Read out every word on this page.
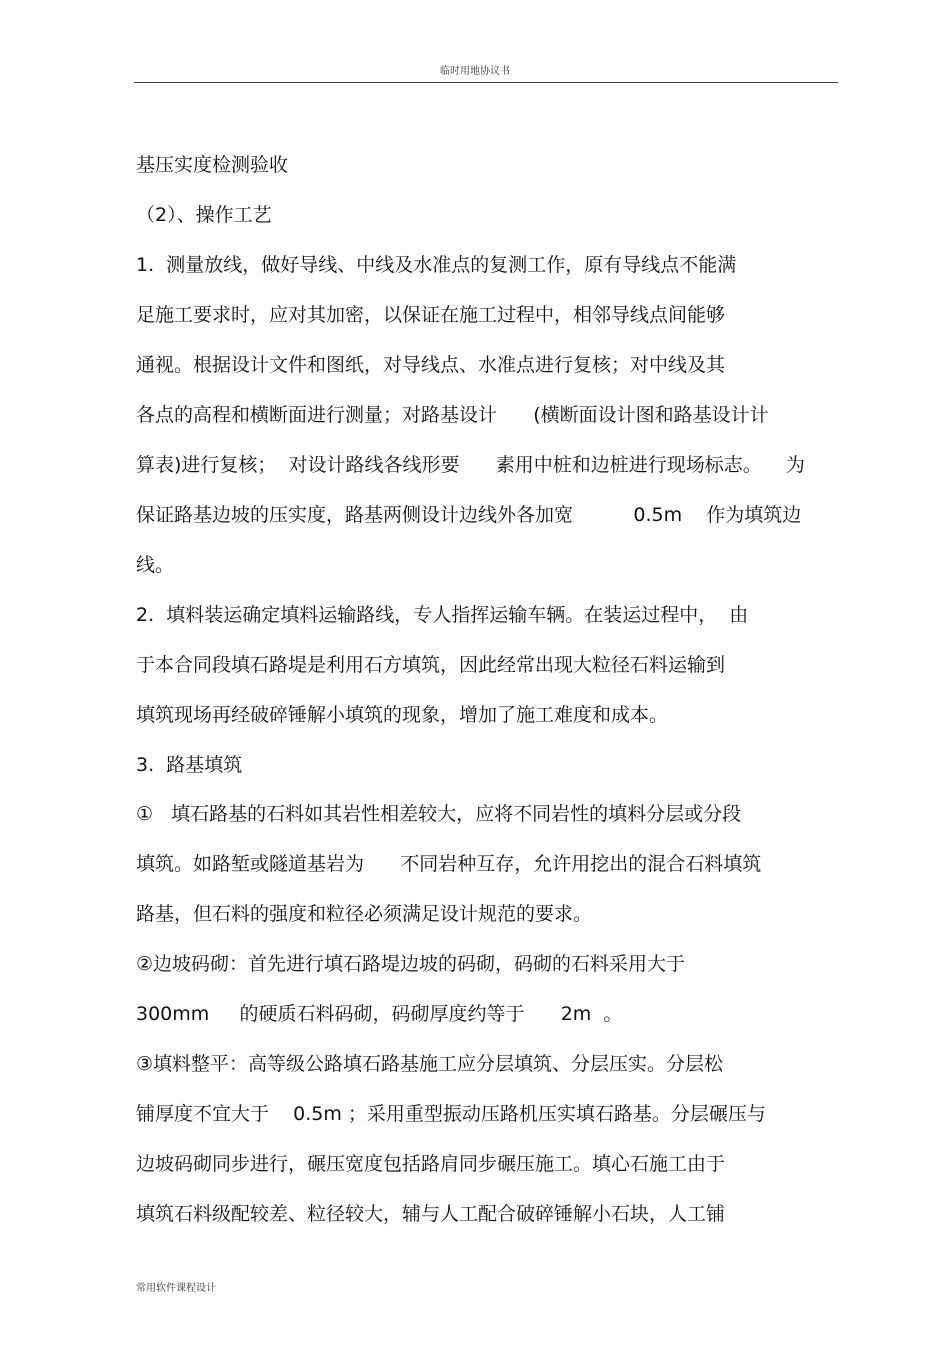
临时用地协议书
基压实度检测验收
（2）、操作工艺
1.  测量放线，做好导线、中线及水准点的复测工作，原有导线点不能满
足施工要求时，应对其加密，以保证在施工过程中，相邻导线点间能够
通视。根据设计文件和图纸，对导线点、水准点进行复核；对中线及其
各点的高程和横断面进行测量；对路基设计      (横断面设计图和路基设计计
算表)进行复核；  对设计路线各线形要      素用中桩和边桩进行现场标志。    为
保证路基边坡的压实度，路基两侧设计边线外各加宽          0.5m    作为填筑边
线。
2.  填料装运确定填料运输路线，专人指挥运输车辆。在装运过程中，  由
于本合同段填石路堤是利用石方填筑，因此经常出现大粒径石料运输到
填筑现场再经破碎锤解小填筑的现象，增加了施工难度和成本。
3.  路基填筑
①   填石路基的石料如其岩性相差较大，应将不同岩性的填料分层或分段
填筑。如路堑或隧道基岩为      不同岩种互存，允许用挖出的混合石料填筑
路基，但石料的强度和粒径必须满足设计规范的要求。
②边坡码砌：首先进行填石路堤边坡的码砌，码砌的石料采用大于
300mm     的硬质石料码砌，码砌厚度约等于      2m  。
③填料整平：高等级公路填石路基施工应分层填筑、分层压实。分层松
铺厚度不宜大于    0.5m ；采用重型振动压路机压实填石路基。分层碾压与
边坡码砌同步进行，碾压宽度包括路肩同步碾压施工。填心石施工由于
填筑石料级配较差、粒径较大，辅与人工配合破碎锤解小石块，人工铺
常用软件课程设计
